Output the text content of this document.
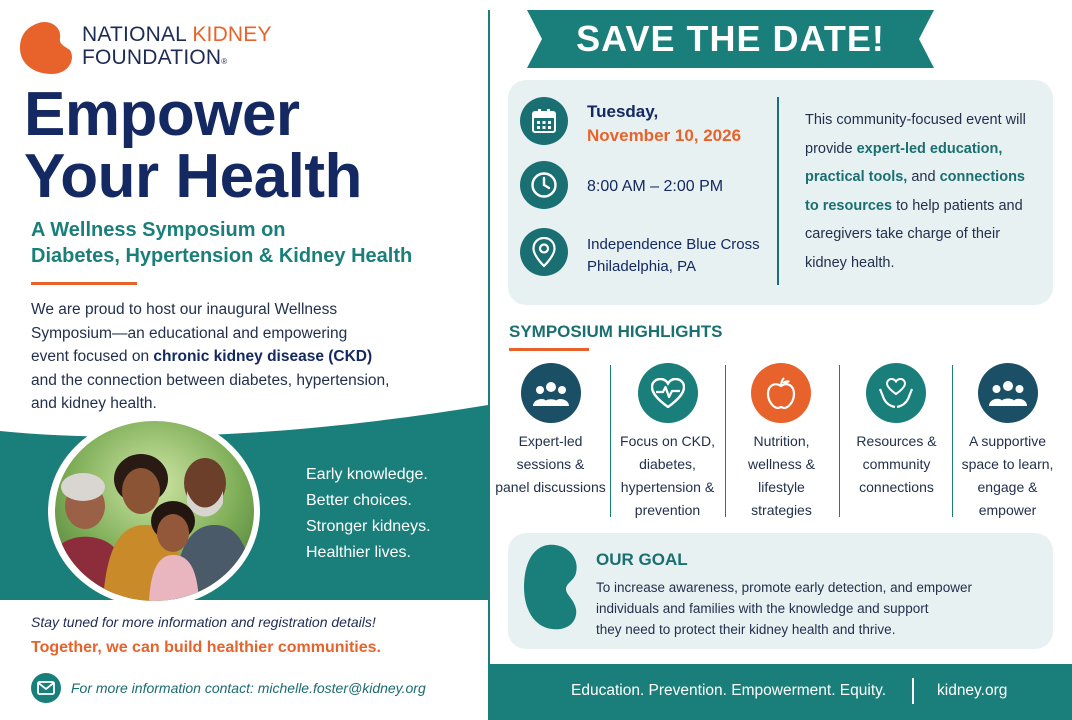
NATIONAL KIDNEY
FOUNDATION®
Empower
Your Health
A Wellness Symposium on
Diabetes, Hypertension & Kidney Health
We are proud to host our inaugural Wellness
Symposium—an educational and empowering
event focused on chronic kidney disease (CKD)
and the connection between diabetes, hypertension,
and kidney health.
Early knowledge.
Better choices.
Stronger kidneys.
Healthier lives.
Stay tuned for more information and registration details!
Together, we can build healthier communities.
For more information contact: michelle.foster@kidney.org
SAVE THE DATE!
Tuesday,
November 10, 2026
8:00 AM – 2:00 PM
Independence Blue Cross
Philadelphia, PA
This community-focused event will provide expert-led education, practical tools, and connections to resources to help patients and caregivers take charge of their kidney health.
SYMPOSIUM HIGHLIGHTS
Expert-led
sessions &
panel discussions
Focus on CKD,
diabetes,
hypertension &
prevention
Nutrition,
wellness &
lifestyle
strategies
Resources &
community
connections
A supportive
space to learn,
engage &
empower
OUR GOAL
To increase awareness, promote early detection, and empower
individuals and families with the knowledge and support
they need to protect their kidney health and thrive.
Education. Prevention. Empowerment. Equity.	kidney.org
